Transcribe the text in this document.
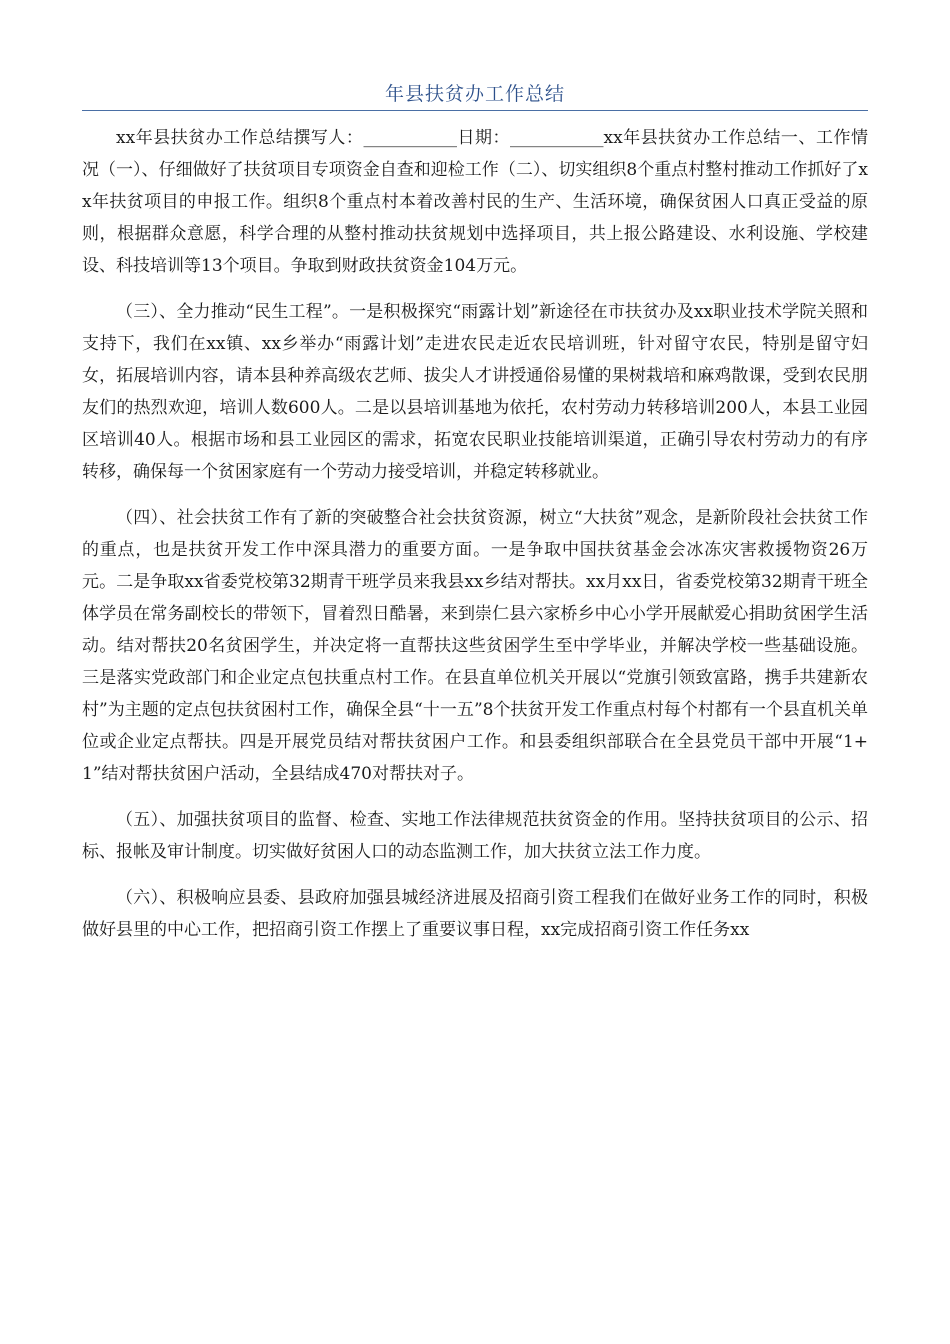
年县扶贫办工作总结

xx年县扶贫办工作总结撰写人：___________日期：___________xx年县扶贫办工作总结一、工作情况（一）、仔细做好了扶贫项目专项资金自查和迎检工作（二）、切实组织8个重点村整村推动工作抓好了xx年扶贫项目的申报工作。组织8个重点村本着改善村民的生产、生活环境，确保贫困人口真正受益的原则，根据群众意愿，科学合理的从整村推动扶贫规划中选择项目，共上报公路建设、水利设施、学校建设、科技培训等13个项目。争取到财政扶贫资金104万元。

（三）、全力推动“民生工程”。一是积极探究“雨露计划”新途径在市扶贫办及xx职业技术学院关照和支持下，我们在xx镇、xx乡举办“雨露计划”走进农民走近农民培训班，针对留守农民，特别是留守妇女，拓展培训内容，请本县种养高级农艺师、拔尖人才讲授通俗易懂的果树栽培和麻鸡散课，受到农民朋友们的热烈欢迎，培训人数600人。二是以县培训基地为依托，农村劳动力转移培训200人，本县工业园区培训40人。根据市场和县工业园区的需求，拓宽农民职业技能培训渠道，正确引导农村劳动力的有序转移，确保每一个贫困家庭有一个劳动力接受培训，并稳定转移就业。

（四）、社会扶贫工作有了新的突破整合社会扶贫资源，树立“大扶贫”观念，是新阶段社会扶贫工作的重点，也是扶贫开发工作中深具潜力的重要方面。一是争取中国扶贫基金会冰冻灾害救援物资26万元。二是争取xx省委党校第32期青干班学员来我县xx乡结对帮扶。xx月xx日，省委党校第32期青干班全体学员在常务副校长的带领下，冒着烈日酷暑，来到崇仁县六家桥乡中心小学开展献爱心捐助贫困学生活动。结对帮扶20名贫困学生，并决定将一直帮扶这些贫困学生至中学毕业，并解决学校一些基础设施。三是落实党政部门和企业定点包扶重点村工作。在县直单位机关开展以“党旗引领致富路，携手共建新农村”为主题的定点包扶贫困村工作，确保全县“十一五”8个扶贫开发工作重点村每个村都有一个县直机关单位或企业定点帮扶。四是开展党员结对帮扶贫困户工作。和县委组织部联合在全县党员干部中开展“1+1”结对帮扶贫困户活动，全县结成470对帮扶对子。

（五）、加强扶贫项目的监督、检查、实地工作法律规范扶贫资金的作用。坚持扶贫项目的公示、招标、报帐及审计制度。切实做好贫困人口的动态监测工作，加大扶贫立法工作力度。

（六）、积极响应县委、县政府加强县城经济进展及招商引资工程我们在做好业务工作的同时，积极做好县里的中心工作，把招商引资工作摆上了重要议事日程，xx完成招商引资工作任务xx
